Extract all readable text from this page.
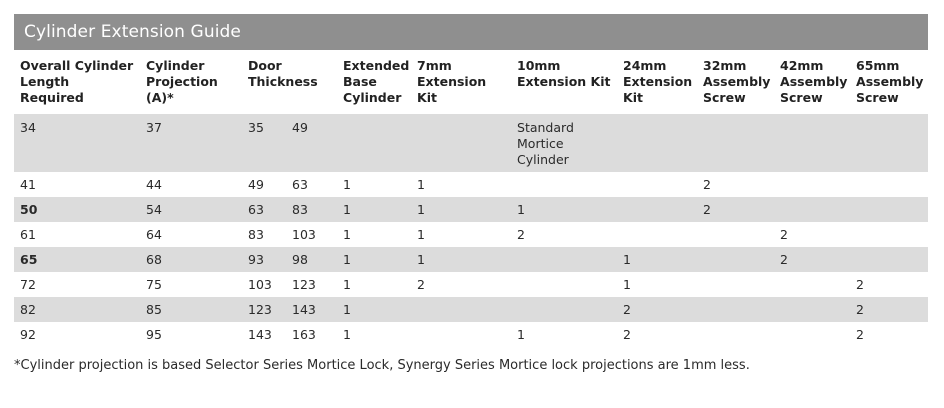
Cylinder Extension Guide
Overall Cylinder Length Required	Cylinder Projection (A)*	Door Thickness		Extended Base Cylinder	7mm Extension Kit	10mm Extension Kit	24mm Extension Kit	32mm Assembly Screw	42mm Assembly Screw	65mm Assembly Screw
34	37	35	49			Standard Mortice Cylinder				
41	44	49	63	1	1			2		
50	54	63	83	1	1	1		2		
61	64	83	103	1	1	2			2	
65	68	93	98	1	1		1		2	
72	75	103	123	1	2		1			2
82	85	123	143	1			2			2
92	95	143	163	1		1	2			2
*Cylinder projection is based Selector Series Mortice Lock, Synergy Series Mortice lock projections are 1mm less.
